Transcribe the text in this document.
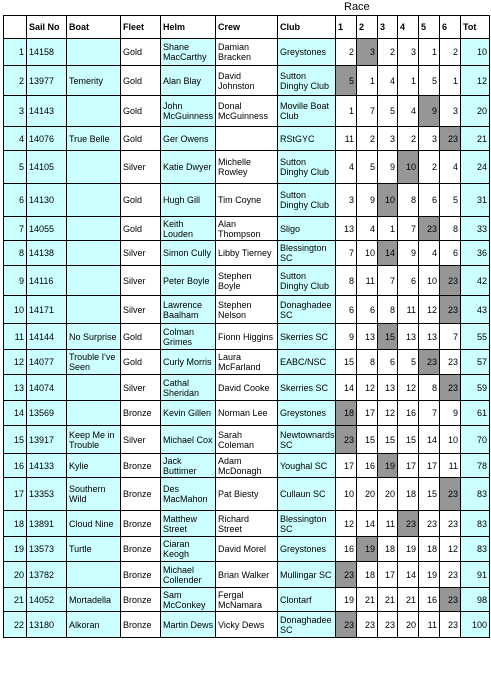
Race
	Sail No	Boat	Fleet	Helm	Crew	Club	1	2	3	4	5	6	Tot
1	14158		Gold	Shane MacCarthy	Damian Bracken	Greystones	2	3	2	3	1	2	10
2	13977	Temerity	Gold	Alan Blay	David Johnston	Sutton Dinghy Club	5	1	4	1	5	1	12
3	14143		Gold	John McGuinness	Donal McGuinness	Moville Boat Club	1	7	5	4	9	3	20
4	14076	True Belle	Gold	Ger Owens		RStGYC	11	2	3	2	3	23	21
5	14105		Silver	Katie Dwyer	Michelle Rowley	Sutton Dinghy Club	4	5	9	10	2	4	24
6	14130		Gold	Hugh Gill	Tim Coyne	Sutton Dinghy Club	3	9	10	8	6	5	31
7	14055		Gold	Keith Louden	Alan Thompson	Sligo	13	4	1	7	23	8	33
8	14138		Silver	Simon Cully	Libby Tierney	Blessington SC	7	10	14	9	4	6	36
9	14116		Silver	Peter Boyle	Stephen Boyle	Sutton Dinghy Club	8	11	7	6	10	23	42
10	14171		Silver	Lawrence Baalham	Stephen Nelson	Donaghadee SC	6	6	8	11	12	23	43
11	14144	No Surprise	Gold	Colman Grimes	Fionn Higgins	Skerries SC	9	13	15	13	13	7	55
12	14077	Trouble I've Seen	Gold	Curly Morris	Laura McFarland	EABC/NSC	15	8	6	5	23	23	57
13	14074		Silver	Cathal Sheridan	David Cooke	Skerries SC	14	12	13	12	8	23	59
14	13569		Bronze	Kevin Gillen	Norman Lee	Greystones	18	17	12	16	7	9	61
15	13917	Keep Me in Trouble	Silver	Michael Cox	Sarah Coleman	Newtownards SC	23	15	15	15	14	10	70
16	14133	Kylie	Bronze	Jack Buttimer	Adam McDonagh	Youghal SC	17	16	19	17	17	11	78
17	13353	Southern Wild	Bronze	Des MacMahon	Pat Biesty	Cullaun SC	10	20	20	18	15	23	83
18	13891	Cloud Nine	Bronze	Matthew Street	Richard Street	Blessington SC	12	14	11	23	23	23	83
19	13573	Turtle	Bronze	Ciaran Keogh	David Morel	Greystones	16	19	18	19	18	12	83
20	13782		Bronze	Michael Collender	Brian Walker	Mullingar SC	23	18	17	14	19	23	91
21	14052	Mortadella	Bronze	Sam McConkey	Fergal McNamara	Clontarf	19	21	21	21	16	23	98
22	13180	Alkoran	Bronze	Martin Dews	Vicky Dews	Donaghadee SC	23	23	23	20	11	23	100
